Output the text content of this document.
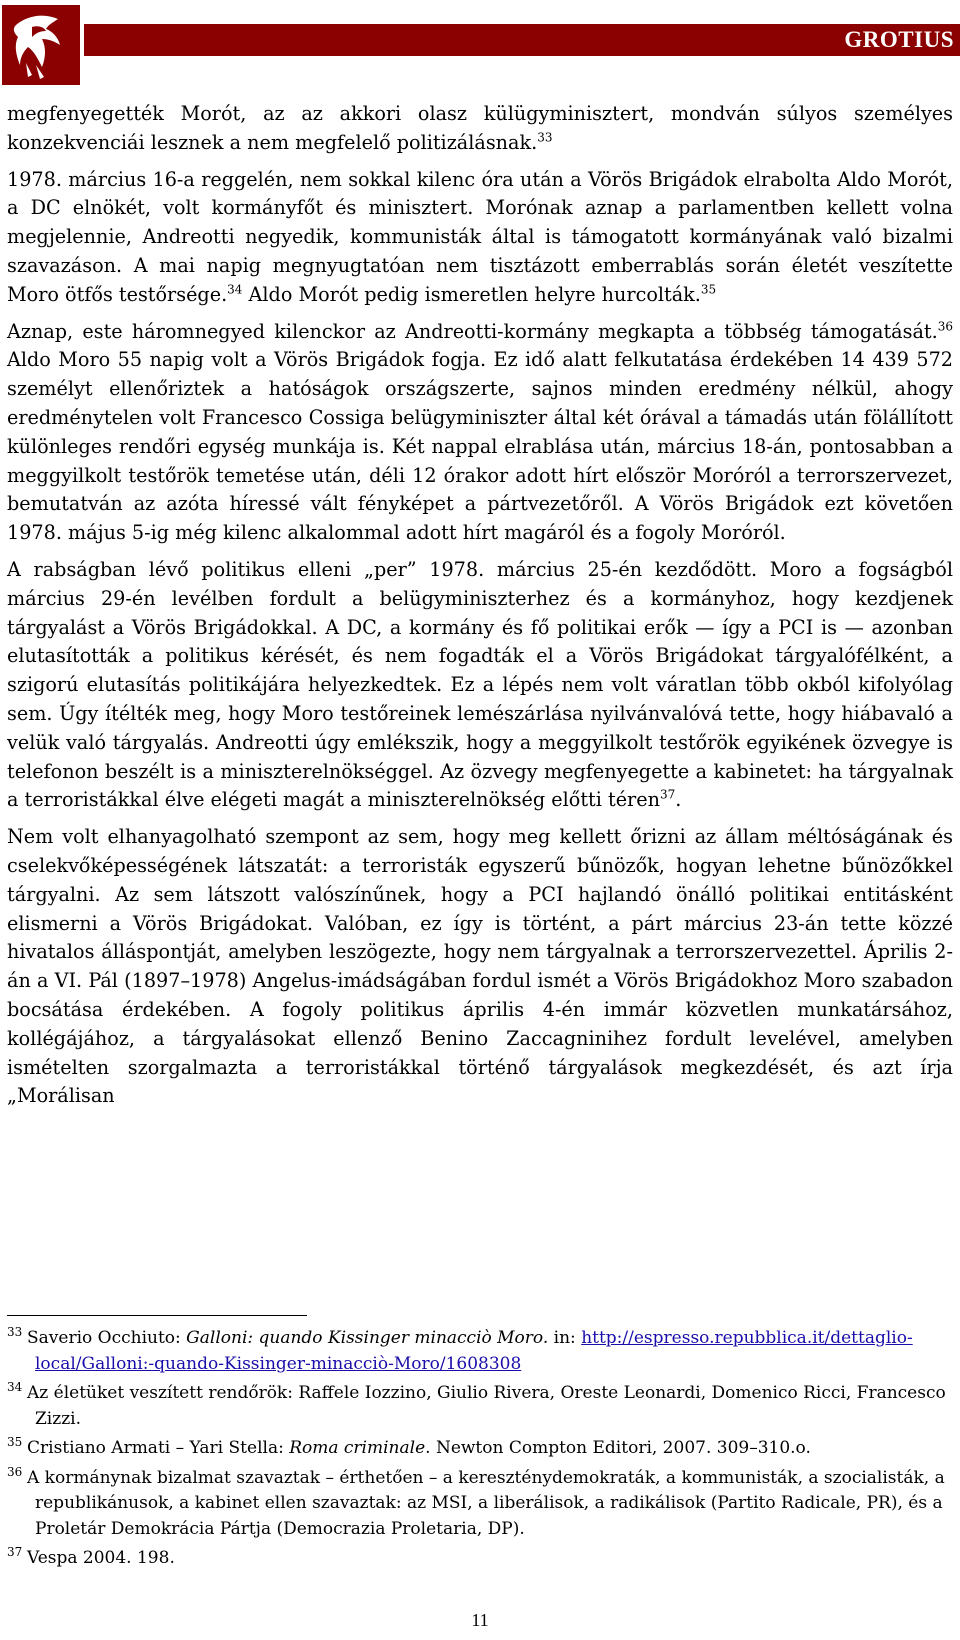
GROTIUS

megfenyegették Morót, az az akkori olasz külügyminisztert, mondván súlyos személyes konzekvenciái lesznek a nem megfelelő politizálásnak.$^{33}$

1978. március 16-a reggelén, nem sokkal kilenc óra után a Vörös Brigádok elrabolta Aldo Morót, a DC elnökét, volt kormányfőt és minisztert. Morónak aznap a parlamentben kellett volna megjelennie, Andreotti negyedik, kommunisták által is támogatott kormányának való bizalmi szavazáson. A mai napig megnyugtatóan nem tisztázott emberrablás során életét veszítette Moro ötfős testőrsége.$^{34}$ Aldo Morót pedig ismeretlen helyre hurcolták.$^{35}$

Aznap, este háromnegyed kilenckor az Andreotti-kormány megkapta a többség támogatását.$^{36}$ Aldo Moro 55 napig volt a Vörös Brigádok fogja. Ez idő alatt felkutatása érdekében 14 439 572 személyt ellenőriztek a hatóságok országszerte, sajnos minden eredmény nélkül, ahogy eredménytelen volt Francesco Cossiga belügyminiszter által két órával a támadás után fölállított különleges rendőri egység munkája is. Két nappal elrablása után, március 18-án, pontosabban a meggyilkolt testőrök temetése után, déli 12 órakor adott hírt először Moróról a terrorszervezet, bemutatván az azóta híressé vált fényképet a pártvezetőről. A Vörös Brigádok ezt követően 1978. május 5-ig még kilenc alkalommal adott hírt magáról és a fogoly Moróról.

A rabságban lévő politikus elleni „per” 1978. március 25-én kezdődött. Moro a fogságból március 29-én levélben fordult a belügyminiszterhez és a kormányhoz, hogy kezdjenek tárgyalást a Vörös Brigádokkal. A DC, a kormány és fő politikai erők — így a PCI is — azonban elutasították a politikus kérését, és nem fogadták el a Vörös Brigádokat tárgyalófélként, a szigorú elutasítás politikájára helyezkedtek. Ez a lépés nem volt váratlan több okból kifolyólag sem. Úgy ítélték meg, hogy Moro testőreinek lemészárlása nyilvánvalóvá tette, hogy hiábavaló a velük való tárgyalás. Andreotti úgy emlékszik, hogy a meggyilkolt testőrök egyikének özvegye is telefonon beszélt is a miniszterelnökséggel. Az özvegy megfenyegette a kabinetet: ha tárgyalnak a terroristákkal élve elégeti magát a miniszterelnökség előtti téren$^{37}$.

Nem volt elhanyagolható szempont az sem, hogy meg kellett őrizni az állam méltóságának és cselekvőképességének látszatát: a terroristák egyszerű bűnözők, hogyan lehetne bűnözőkkel tárgyalni. Az sem látszott valószínűnek, hogy a PCI hajlandó önálló politikai entitásként elismerni a Vörös Brigádokat. Valóban, ez így is történt, a párt március 23-án tette közzé hivatalos álláspontját, amelyben leszögezte, hogy nem tárgyalnak a terrorszervezettel. Április 2-án a VI. Pál (1897–1978) Angelus-imádságában fordul ismét a Vörös Brigádokhoz Moro szabadon bocsátása érdekében. A fogoly politikus április 4-én immár közvetlen munkatársához, kollégájához, a tárgyalásokat ellenző Benino Zaccagninihez fordult levelével, amelyben ismételten szorgalmazta a terroristákkal történő tárgyalások megkezdését, és azt írja „Morálisan

33 Saverio Occhiuto: Galloni: quando Kissinger minacciò Moro. in: http://espresso.repubblica.it/dettaglio-local/Galloni:-quando-Kissinger-minacciò-Moro/1608308
34 Az életüket veszített rendőrök: Raffele Iozzino, Giulio Rivera, Oreste Leonardi, Domenico Ricci, Francesco Zizzi.
35 Cristiano Armati – Yari Stella: Roma criminale. Newton Compton Editori, 2007. 309–310.o.
36 A kormánynak bizalmat szavaztak – érthetően – a kereszténydemokraták, a kommunisták, a szocialisták, a republikánusok, a kabinet ellen szavaztak: az MSI, a liberálisok, a radikálisok (Partito Radicale, PR), és a Proletár Demokrácia Pártja (Democrazia Proletaria, DP).
37 Vespa 2004. 198.
11
